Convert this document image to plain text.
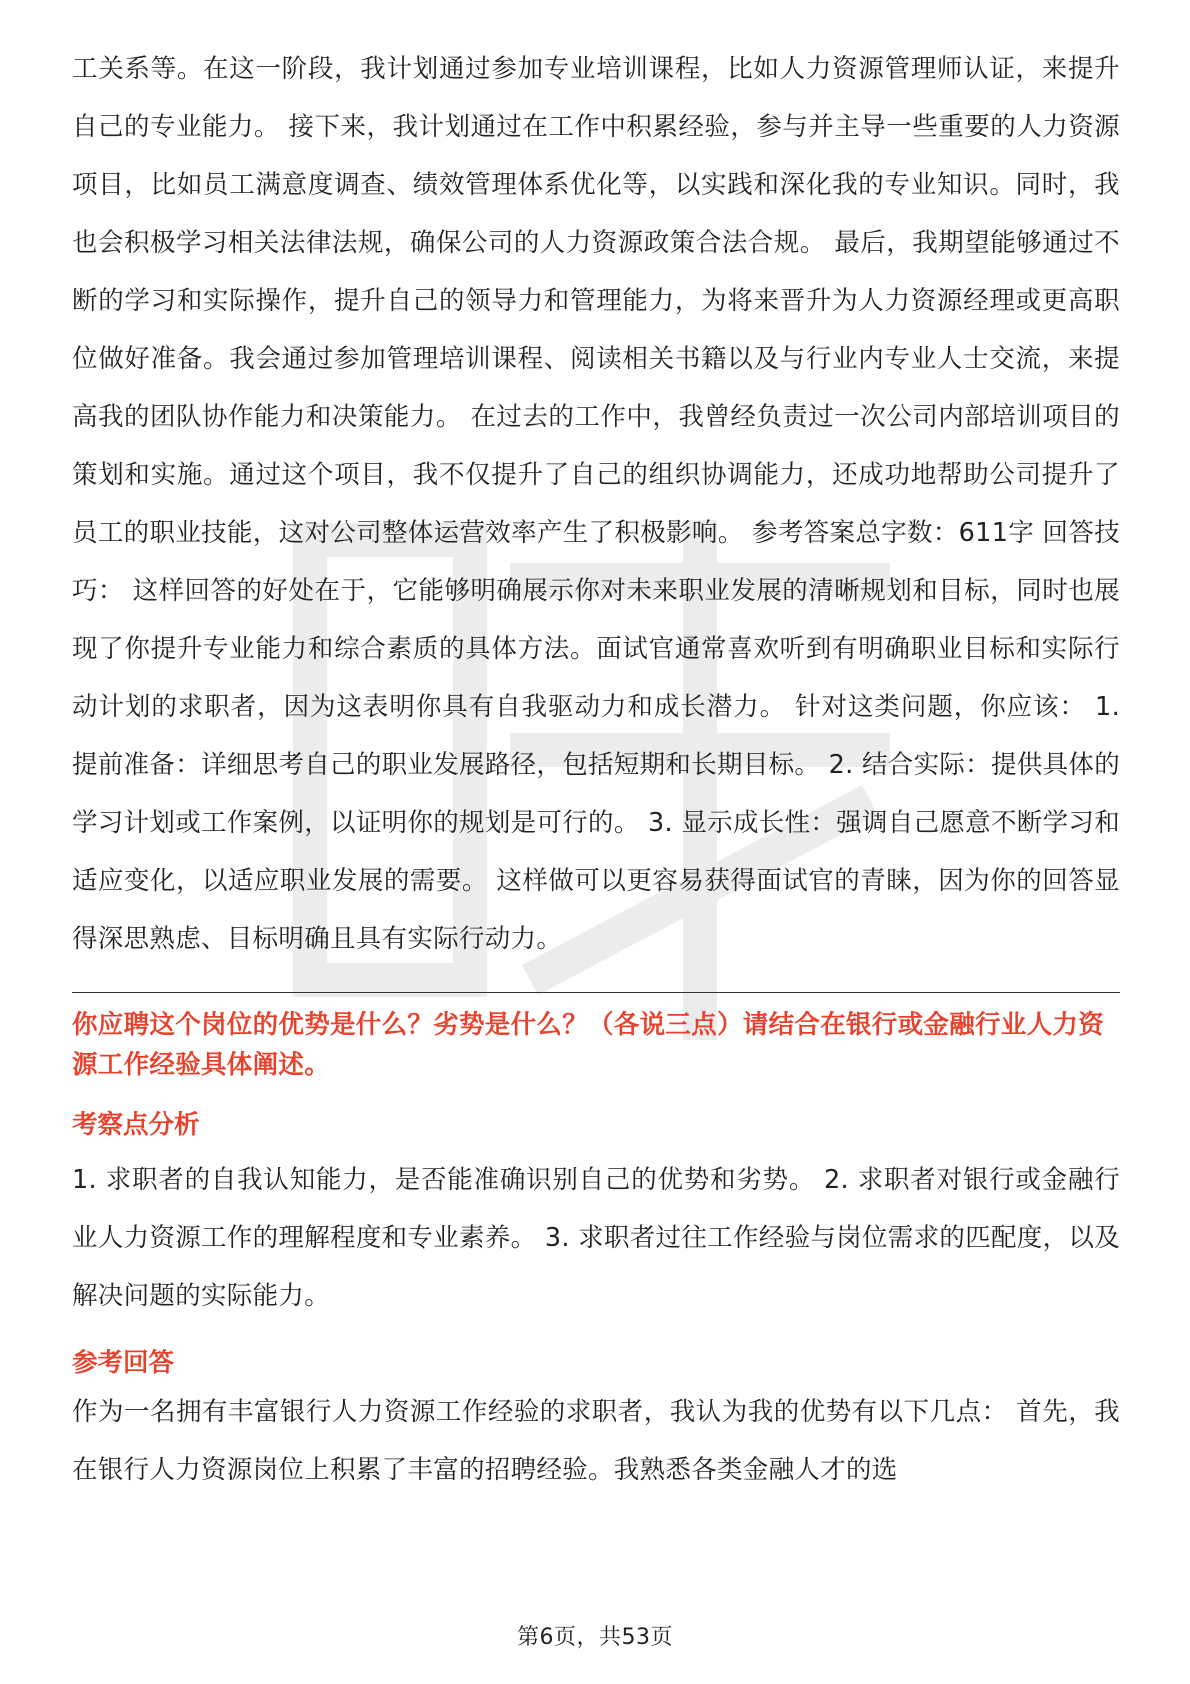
工关系等。在这一阶段，我计划通过参加专业培训课程，比如人力资源管理师认证，来提升自己的专业能力。 接下来，我计划通过在工作中积累经验，参与并主导一些重要的人力资源项目，比如员工满意度调查、绩效管理体系优化等，以实践和深化我的专业知识。同时，我也会积极学习相关法律法规，确保公司的人力资源政策合法合规。 最后，我期望能够通过不断的学习和实际操作，提升自己的领导力和管理能力，为将来晋升为人力资源经理或更高职位做好准备。我会通过参加管理培训课程、阅读相关书籍以及与行业内专业人士交流，来提高我的团队协作能力和决策能力。 在过去的工作中，我曾经负责过一次公司内部培训项目的策划和实施。通过这个项目，我不仅提升了自己的组织协调能力，还成功地帮助公司提升了员工的职业技能，这对公司整体运营效率产生了积极影响。 参考答案总字数：611字 回答技巧： 这样回答的好处在于，它能够明确展示你对未来职业发展的清晰规划和目标，同时也展现了你提升专业能力和综合素质的具体方法。面试官通常喜欢听到有明确职业目标和实际行动计划的求职者，因为这表明你具有自我驱动力和成长潜力。 针对这类问题，你应该： 1. 提前准备：详细思考自己的职业发展路径，包括短期和长期目标。 2. 结合实际：提供具体的学习计划或工作案例，以证明你的规划是可行的。 3. 显示成长性：强调自己愿意不断学习和适应变化，以适应职业发展的需要。 这样做可以更容易获得面试官的青睐，因为你的回答显得深思熟虑、目标明确且具有实际行动力。

你应聘这个岗位的优势是什么？劣势是什么？（各说三点）请结合在银行或金融行业人力资源工作经验具体阐述。

考察点分析

1. 求职者的自我认知能力，是否能准确识别自己的优势和劣势。 2. 求职者对银行或金融行业人力资源工作的理解程度和专业素养。 3. 求职者过往工作经验与岗位需求的匹配度，以及解决问题的实际能力。

参考回答

作为一名拥有丰富银行人力资源工作经验的求职者，我认为我的优势有以下几点： 首先，我在银行人力资源岗位上积累了丰富的招聘经验。我熟悉各类金融人才的选

第6页，共53页
